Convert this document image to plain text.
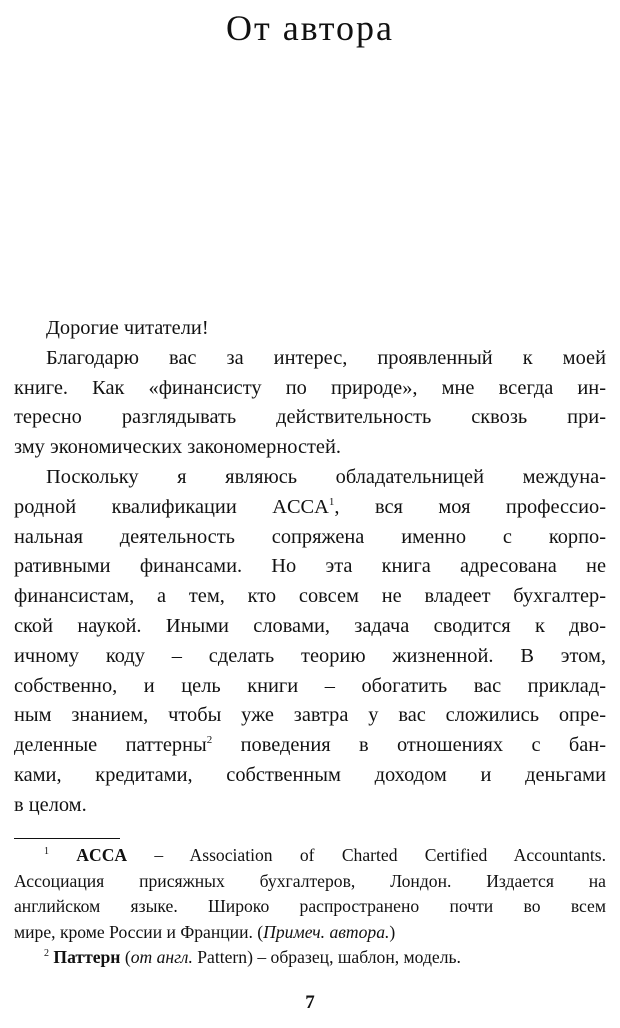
От автора
Дорогие читатели!
Благодарю вас за интерес, проявленный к моей
книге. Как «финансисту по природе», мне всегда ин-
тересно разглядывать действительность сквозь при-
зму экономических закономерностей.
Поскольку я являюсь обладательницей междуна-
родной квалификации ACCA$^1$, вся моя профессио-
нальная деятельность сопряжена именно с корпо-
ративными финансами. Но эта книга адресована не
финансистам, а тем, кто совсем не владеет бухгалтер-
ской наукой. Иными словами, задача сводится к дво-
ичному коду – сделать теорию жизненной. В этом,
собственно, и цель книги – обогатить вас приклад-
ным знанием, чтобы уже завтра у вас сложились опре-
деленные паттерны$^2$ поведения в отношениях с бан-
ками, кредитами, собственным доходом и деньгами
в целом.
$^1$ ACCA – Association of Charted Certified Accountants.
Ассоциация присяжных бухгалтеров, Лондон. Издается на
английском языке. Широко распространено почти во всем
мире, кроме России и Франции. (Примеч. автора.)
$^2$ Паттерн (от англ. Pattern) – образец, шаблон, модель.
7
